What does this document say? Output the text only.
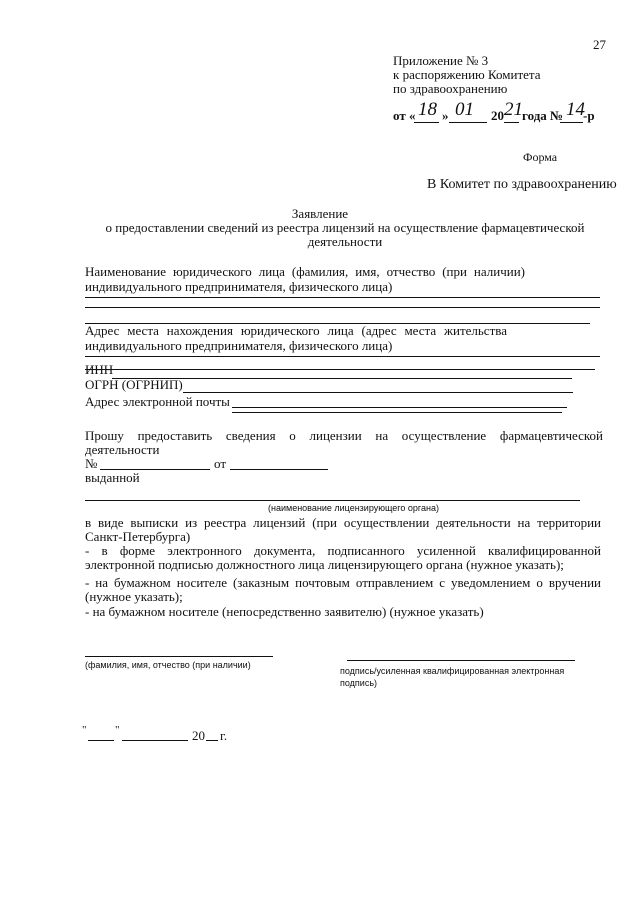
27
Приложение № 3
к распоряжению Комитета
по здравоохранению
от « 18 » 01 20 21 года № 14
-р
Форма
В Комитет по здравоохранению
Заявление
о предоставлении сведений из реестра лицензий на осуществление фармацевтической
деятельности
Наименование юридического лица (фамилия, имя, отчество (при наличии)
индивидуального предпринимателя, физического лица)
Адрес места нахождения юридического лица (адрес места жительства
индивидуального предпринимателя, физического лица)
ИНН
ОГРН (ОГРНИП)
Адрес электронной почты
Прошу предоставить сведения о лицензии на осуществление фармацевтической
деятельности
№	от
выданной
(наименование лицензирующего органа)
в виде выписки из реестра лицензий (при осуществлении деятельности на территории
Санкт-Петербурга)
- в форме электронного документа, подписанного усиленной квалифицированной
электронной подписью должностного лица лицензирующего органа (нужное указать);
- на бумажном носителе (заказным почтовым отправлением с уведомлением о вручении
(нужное указать);
- на бумажном носителе (непосредственно заявителю) (нужное указать)
(фамилия, имя, отчество (при наличии)
подпись/усиленная квалифицированная электронная
подпись)
"	"	20 г.
